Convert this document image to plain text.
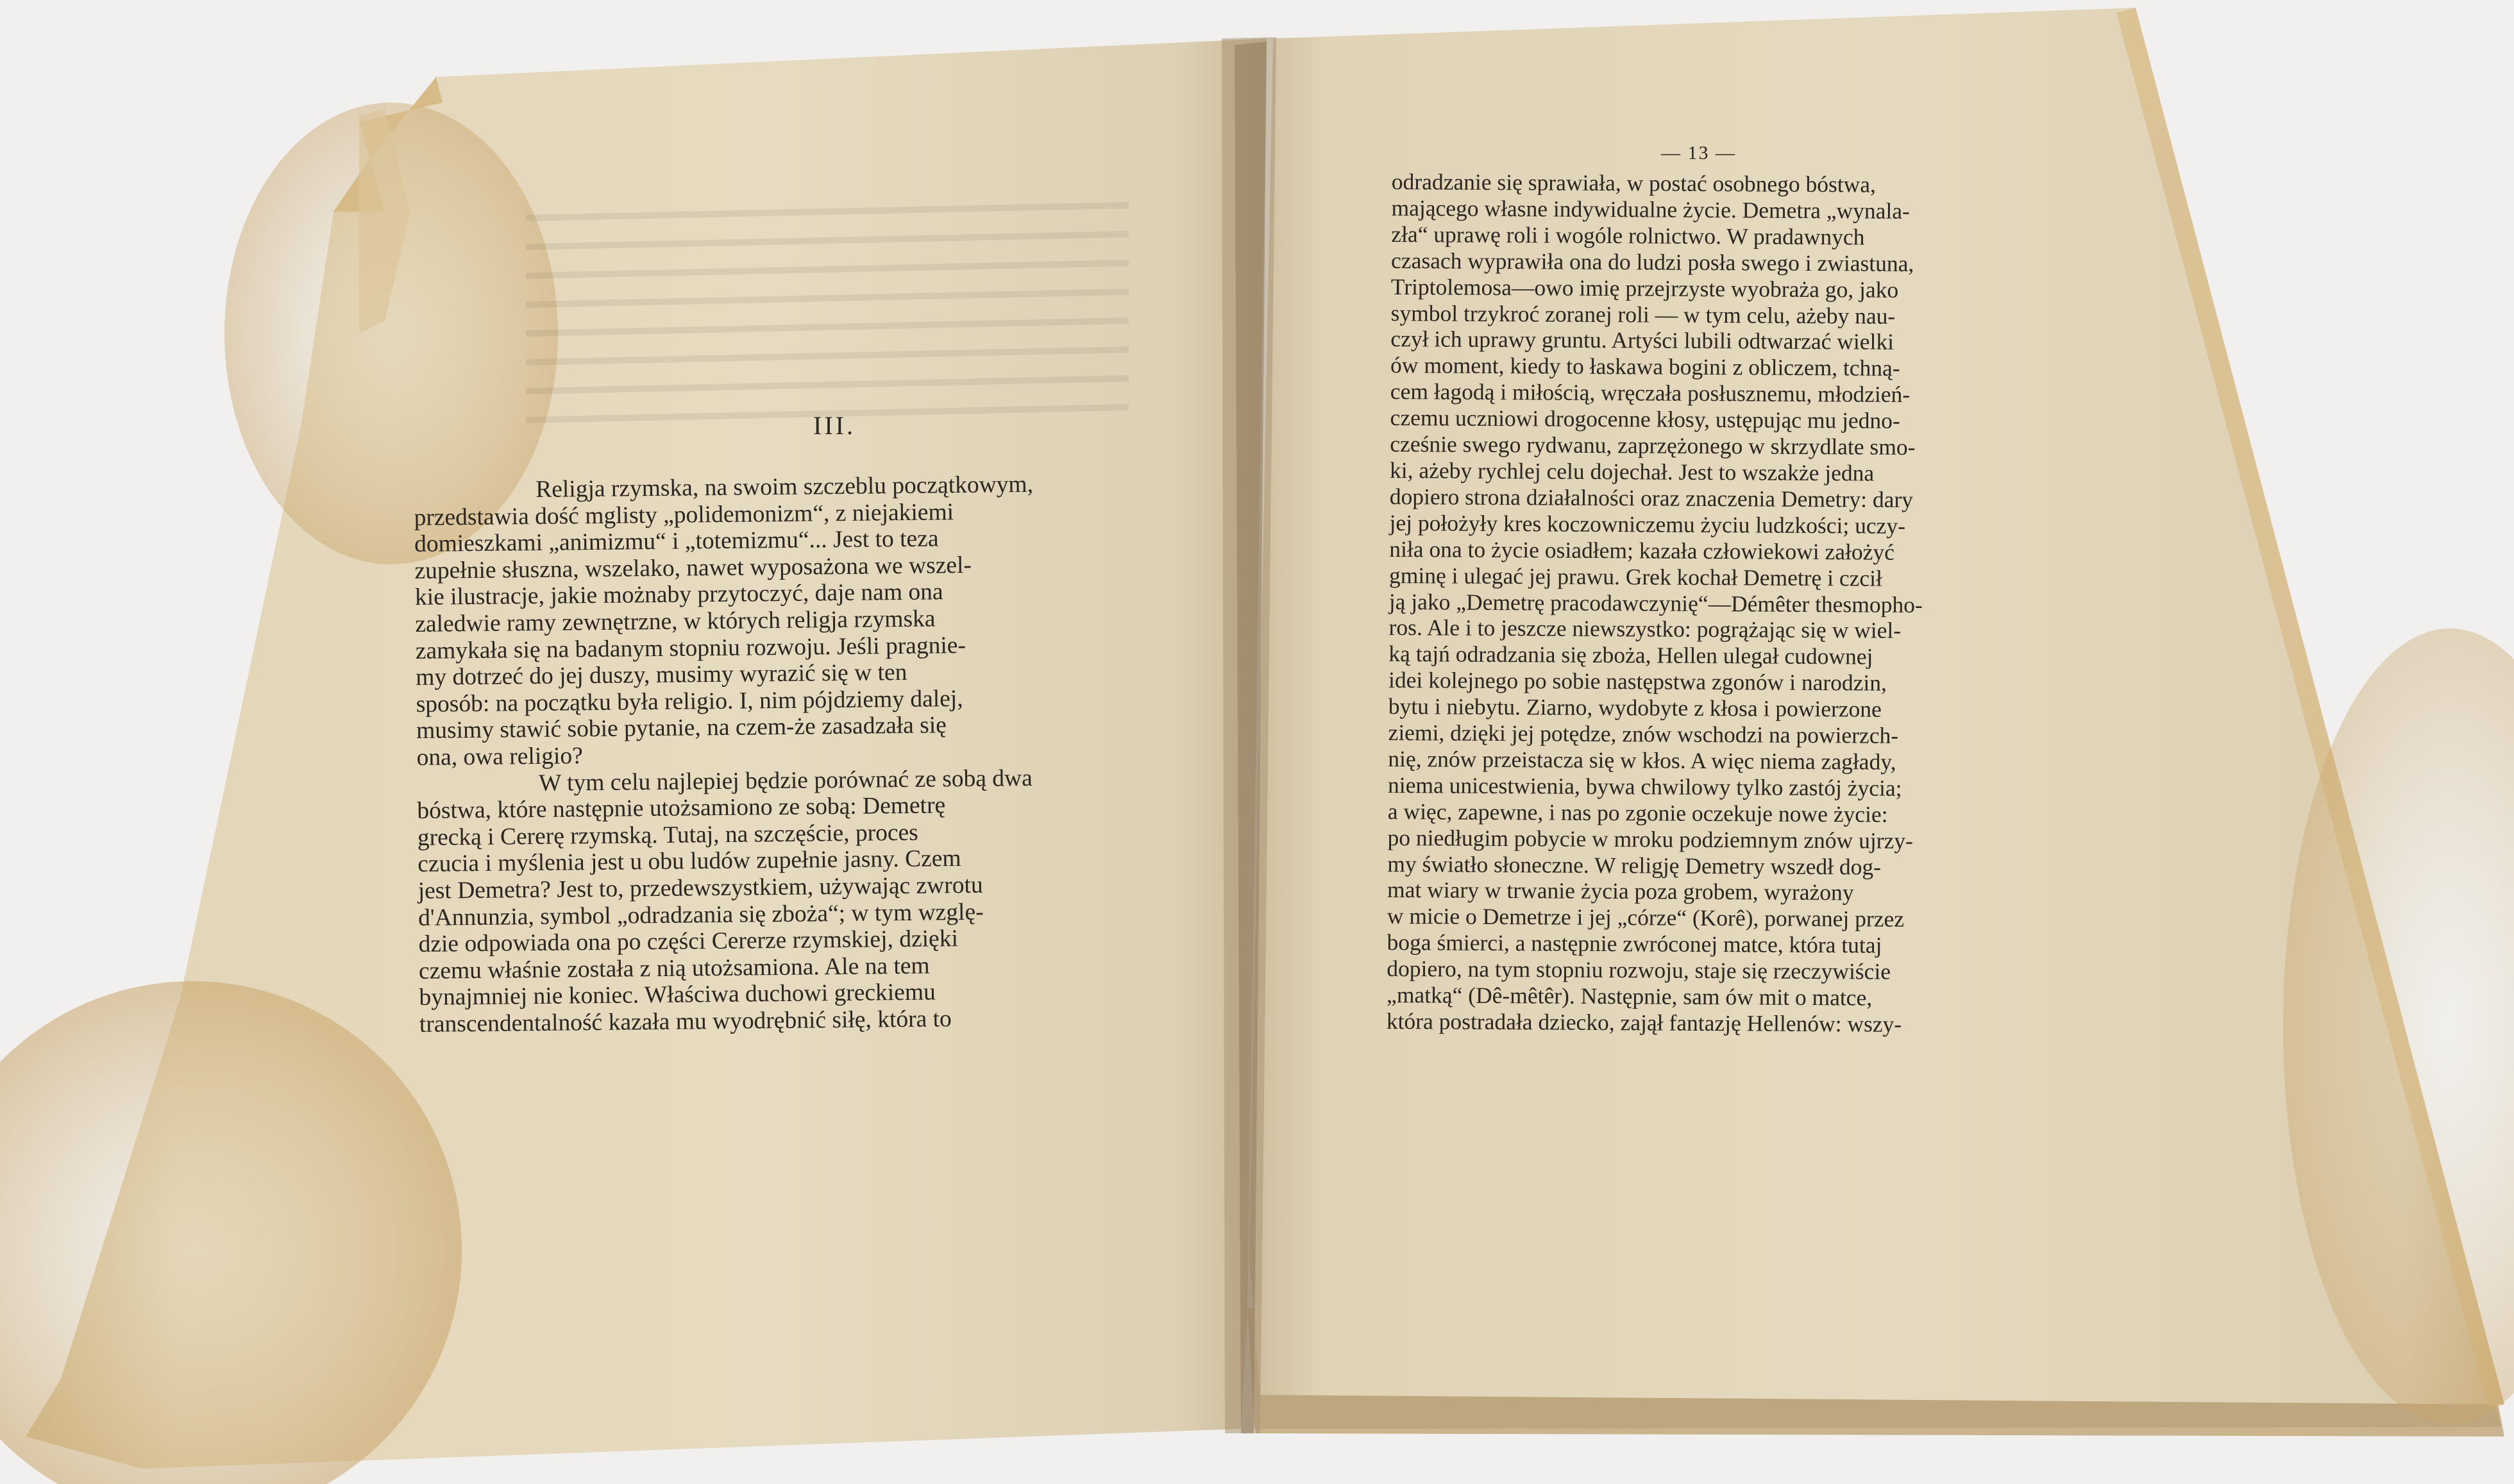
III.
— 13 —
Religja rzymska, na swoim szczeblu początkowym,
przedstawia dość mglisty „polidemonizm“, z niejakiemi
domieszkami „animizmu“ i „totemizmu“... Jest to teza
zupełnie słuszna, wszelako, nawet wyposażona we wszel-
kie ilustracje, jakie możnaby przytoczyć, daje nam ona
zaledwie ramy zewnętrzne, w których religja rzymska
zamykała się na badanym stopniu rozwoju. Jeśli pragnie-
my dotrzeć do jej duszy, musimy wyrazić się w ten
sposób: na początku była religio. I, nim pójdziemy dalej,
musimy stawić sobie pytanie, na czem-że zasadzała się
ona, owa religio?
W tym celu najlepiej będzie porównać ze sobą dwa
bóstwa, które następnie utożsamiono ze sobą: Demetrę
grecką i Cererę rzymską. Tutaj, na szczęście, proces
czucia i myślenia jest u obu ludów zupełnie jasny. Czem
jest Demetra? Jest to, przedewszystkiem, używając zwrotu
d'Annunzia, symbol „odradzania się zboża“; w tym wzglę-
dzie odpowiada ona po części Cererze rzymskiej, dzięki
czemu właśnie została z nią utożsamiona. Ale na tem
bynajmniej nie koniec. Właściwa duchowi greckiemu
transcendentalność kazała mu wyodrębnić siłę, która to
odradzanie się sprawiała, w postać osobnego bóstwa,
mającego własne indywidualne życie. Demetra „wynala-
zła“ uprawę roli i wogóle rolnictwo. W pradawnych
czasach wyprawiła ona do ludzi posła swego i zwiastuna,
Triptolemosa—owo imię przejrzyste wyobraża go, jako
symbol trzykroć zoranej roli — w tym celu, ażeby nau-
czył ich uprawy gruntu. Artyści lubili odtwarzać wielki
ów moment, kiedy to łaskawa bogini z obliczem, tchną-
cem łagodą i miłością, wręczała posłusznemu, młodzień-
czemu uczniowi drogocenne kłosy, ustępując mu jedno-
cześnie swego rydwanu, zaprzężonego w skrzydlate smo-
ki, ażeby rychlej celu dojechał. Jest to wszakże jedna
dopiero strona działalności oraz znaczenia Demetry: dary
jej położyły kres koczowniczemu życiu ludzkości; uczy-
niła ona to życie osiadłem; kazała człowiekowi założyć
gminę i ulegać jej prawu. Grek kochał Demetrę i czcił
ją jako „Demetrę pracodawczynię“—Démêter thesmopho-
ros. Ale i to jeszcze niewszystko: pogrążając się w wiel-
ką tajń odradzania się zboża, Hellen ulegał cudownej
idei kolejnego po sobie następstwa zgonów i narodzin,
bytu i niebytu. Ziarno, wydobyte z kłosa i powierzone
ziemi, dzięki jej potędze, znów wschodzi na powierzch-
nię, znów przeistacza się w kłos. A więc niema zagłady,
niema unicestwienia, bywa chwilowy tylko zastój życia;
a więc, zapewne, i nas po zgonie oczekuje nowe życie:
po niedługim pobycie w mroku podziemnym znów ujrzy-
my światło słoneczne. W religję Demetry wszedł dog-
mat wiary w trwanie życia poza grobem, wyrażony
w micie o Demetrze i jej „córze“ (Korê), porwanej przez
boga śmierci, a następnie zwróconej matce, która tutaj
dopiero, na tym stopniu rozwoju, staje się rzeczywiście
„matką“ (Dê-mêtêr). Następnie, sam ów mit o matce,
która postradała dziecko, zajął fantazję Hellenów: wszy-
